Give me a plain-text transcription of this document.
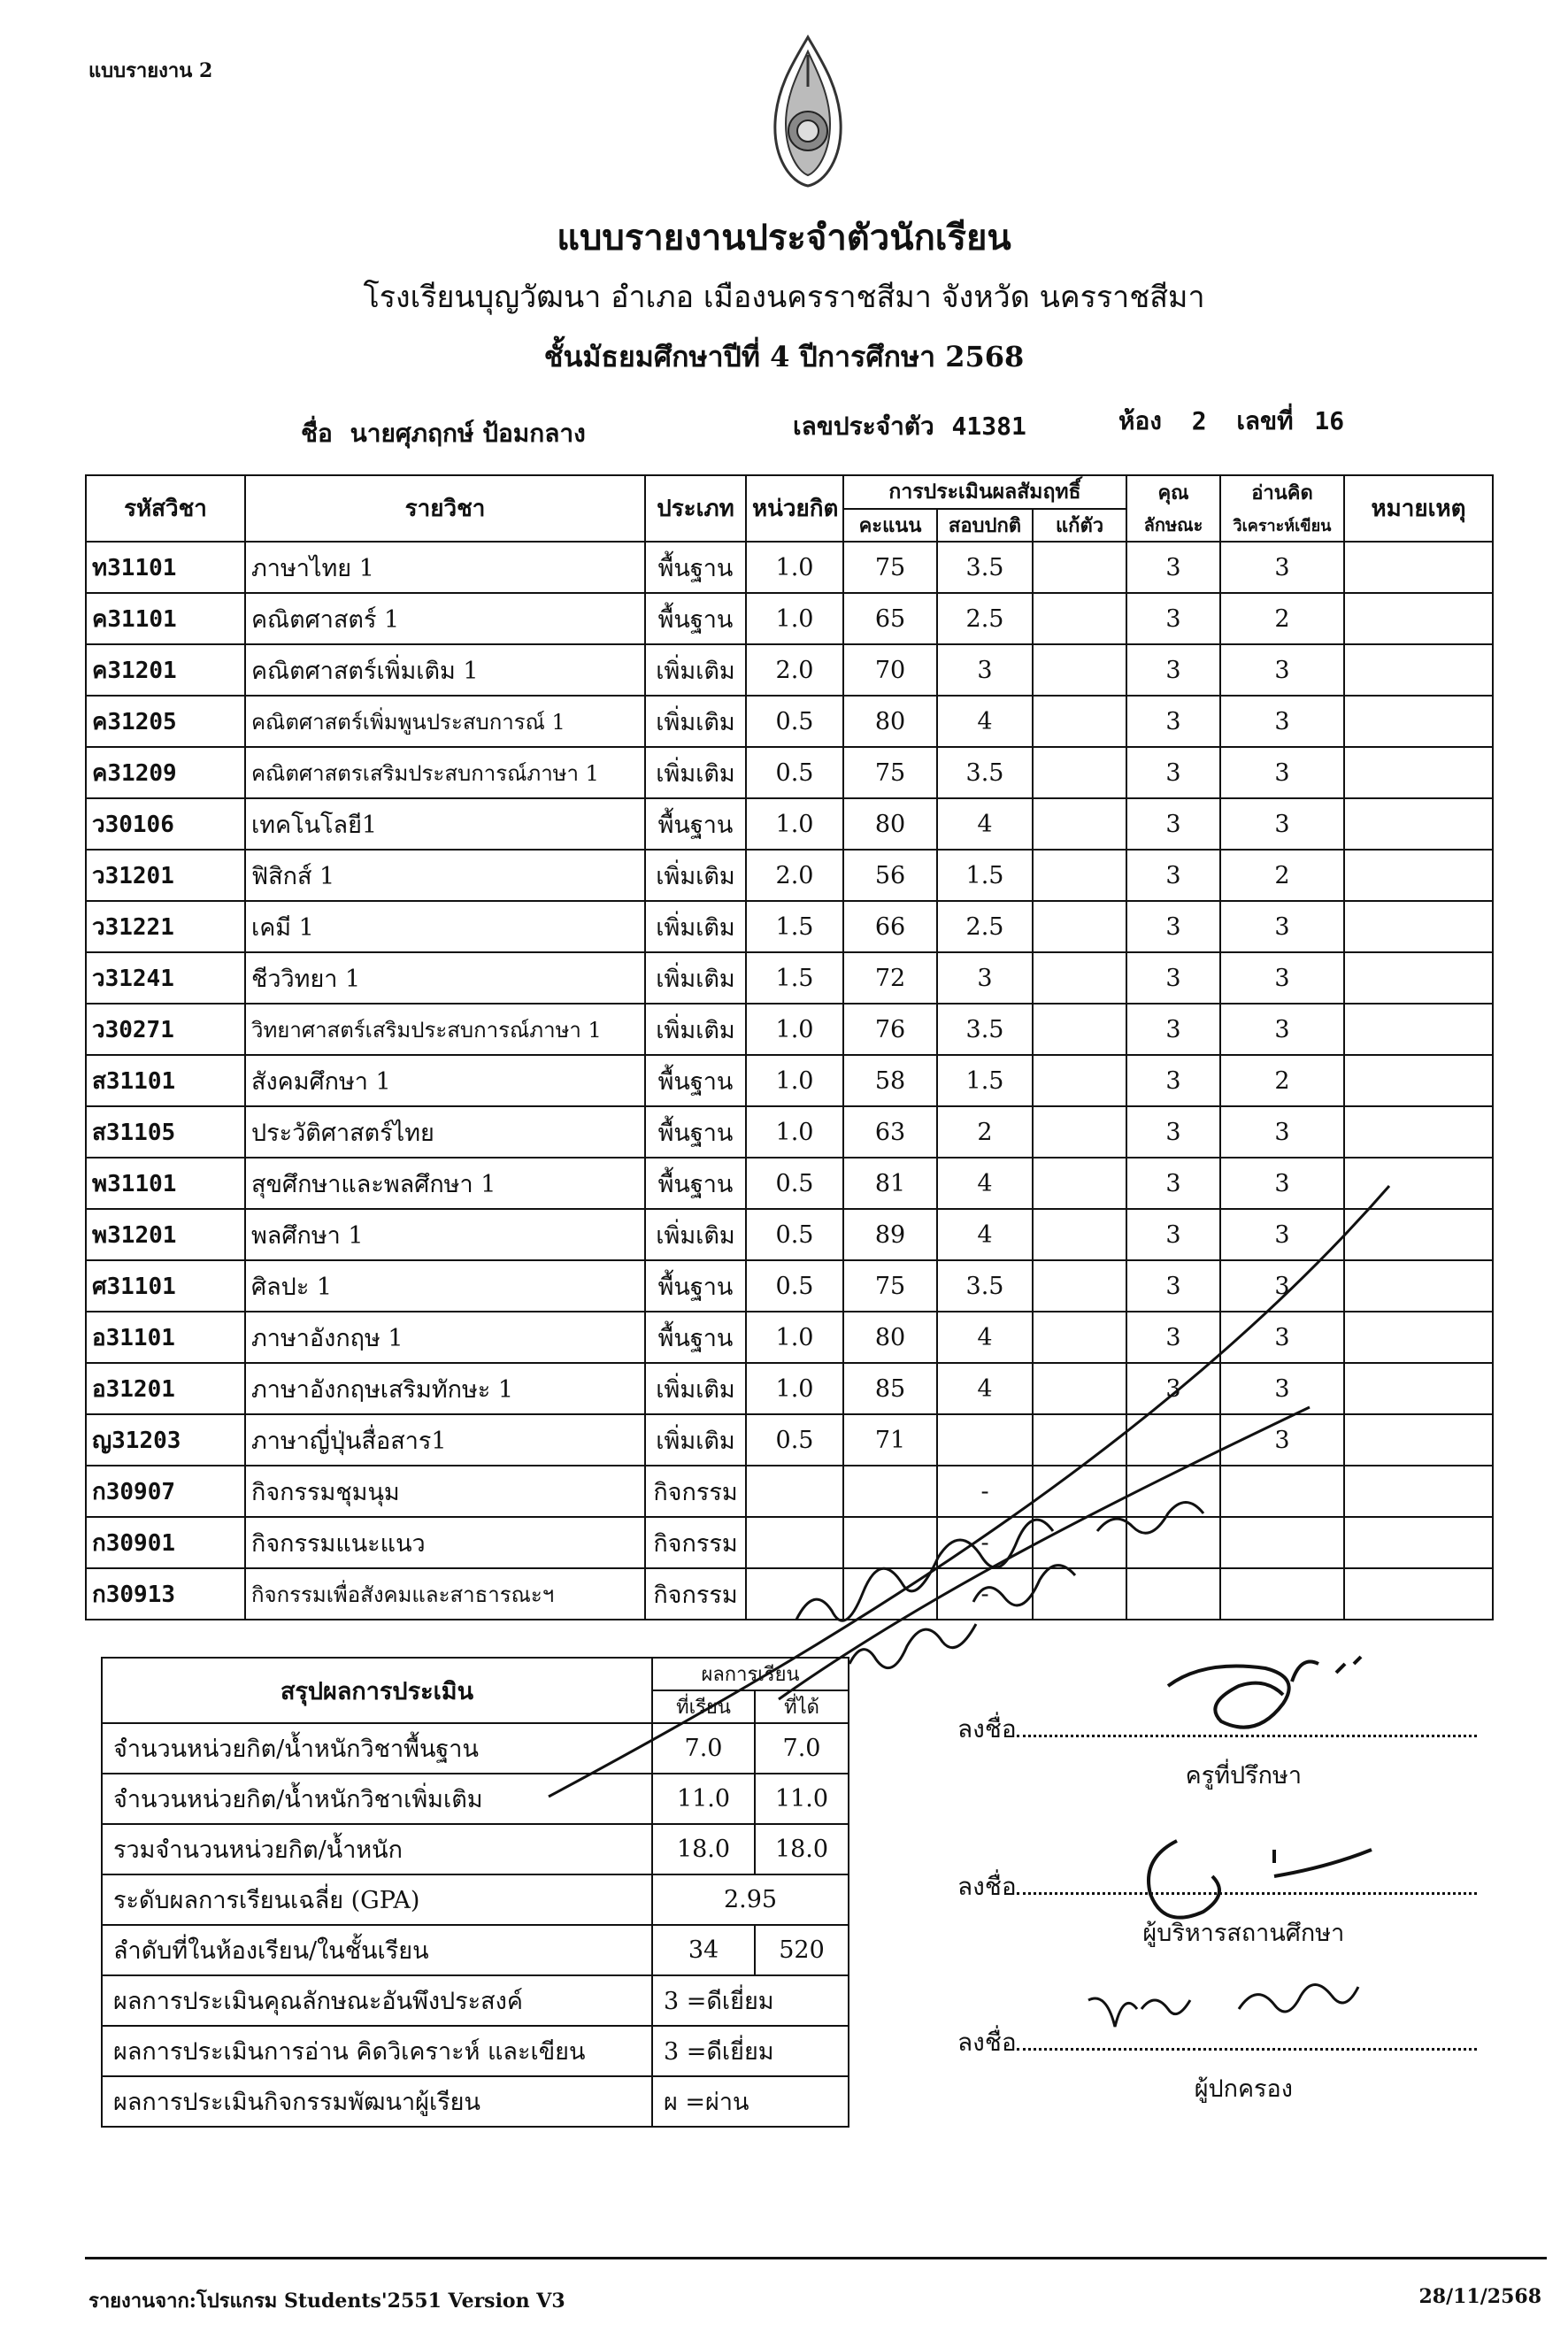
แบบรายงาน 2
แบบรายงานประจำตัวนักเรียน
โรงเรียนบุญวัฒนา อำเภอ เมืองนครราชสีมา จังหวัด นครราชสีมา
ชั้นมัธยมศึกษาปีที่ 4 ปีการศึกษา 2568
ชื่อ นายศุภฤกษ์ ป้อมกลาง	เลขประจำตัว 41381	ห้อง 2 เลขที่ 16
รหัสวิชา	รายวิชา	ประเภท	หน่วยกิต	การประเมินผลสัมฤทธิ์			คุณ	อ่านคิด	หมายเหตุ
				คะแนน	สอบปกติ	แก้ตัว	ลักษณะ	วิเคราะห์เขียน	
ท31101	ภาษาไทย 1	พื้นฐาน	1.0	75	3.5		3	3	
ค31101	คณิตศาสตร์ 1	พื้นฐาน	1.0	65	2.5		3	2	
ค31201	คณิตศาสตร์เพิ่มเติม 1	เพิ่มเติม	2.0	70	3		3	3	
ค31205	คณิตศาสตร์เพิ่มพูนประสบการณ์ 1	เพิ่มเติม	0.5	80	4		3	3	
ค31209	คณิตศาสตรเสริมประสบการณ์ภาษา 1	เพิ่มเติม	0.5	75	3.5		3	3	
ว30106	เทคโนโลยี1	พื้นฐาน	1.0	80	4		3	3	
ว31201	ฟิสิกส์ 1	เพิ่มเติม	2.0	56	1.5		3	2	
ว31221	เคมี 1	เพิ่มเติม	1.5	66	2.5		3	3	
ว31241	ชีววิทยา 1	เพิ่มเติม	1.5	72	3		3	3	
ว30271	วิทยาศาสตร์เสริมประสบการณ์ภาษา 1	เพิ่มเติม	1.0	76	3.5		3	3	
ส31101	สังคมศึกษา 1	พื้นฐาน	1.0	58	1.5		3	2	
ส31105	ประวัติศาสตร์ไทย	พื้นฐาน	1.0	63	2		3	3	
พ31101	สุขศึกษาและพลศึกษา 1	พื้นฐาน	0.5	81	4		3	3	
พ31201	พลศึกษา 1	เพิ่มเติม	0.5	89	4		3	3	
ศ31101	ศิลปะ 1	พื้นฐาน	0.5	75	3.5		3	3	
อ31101	ภาษาอังกฤษ 1	พื้นฐาน	1.0	80	4		3	3	
อ31201	ภาษาอังกฤษเสริมทักษะ 1	เพิ่มเติม	1.0	85	4		3	3	
ญ31203	ภาษาญี่ปุ่นสื่อสาร1	เพิ่มเติม	0.5	71				3	
ก30907	กิจกรรมชุมนุม	กิจกรรม			-				
ก30901	กิจกรรมแนะแนว	กิจกรรม			-				
ก30913	กิจกรรมเพื่อสังคมและสาธารณะฯ	กิจกรรม			-				
สรุปผลการประเมิน	ผลการเรียน	
	ที่เรียน	ที่ได้
จำนวนหน่วยกิต/น้ำหนักวิชาพื้นฐาน	7.0	7.0
จำนวนหน่วยกิต/น้ำหนักวิชาเพิ่มเติม	11.0	11.0
รวมจำนวนหน่วยกิต/น้ำหนัก	18.0	18.0
ระดับผลการเรียนเฉลี่ย (GPA)	2.95	
ลำดับที่ในห้องเรียน/ในชั้นเรียน	34	520
ผลการประเมินคุณลักษณะอันพึงประสงค์	3 =ดีเยี่ยม	
ผลการประเมินการอ่าน คิดวิเคราะห์ และเขียน	3 =ดีเยี่ยม	
ผลการประเมินกิจกรรมพัฒนาผู้เรียน	ผ =ผ่าน	
ลงชื่อ
ครูที่ปรึกษา
ลงชื่อ
ผู้บริหารสถานศึกษา
ลงชื่อ
ผู้ปกครอง
รายงานจาก:โปรแกรม Students'2551 Version V3	28/11/2568
